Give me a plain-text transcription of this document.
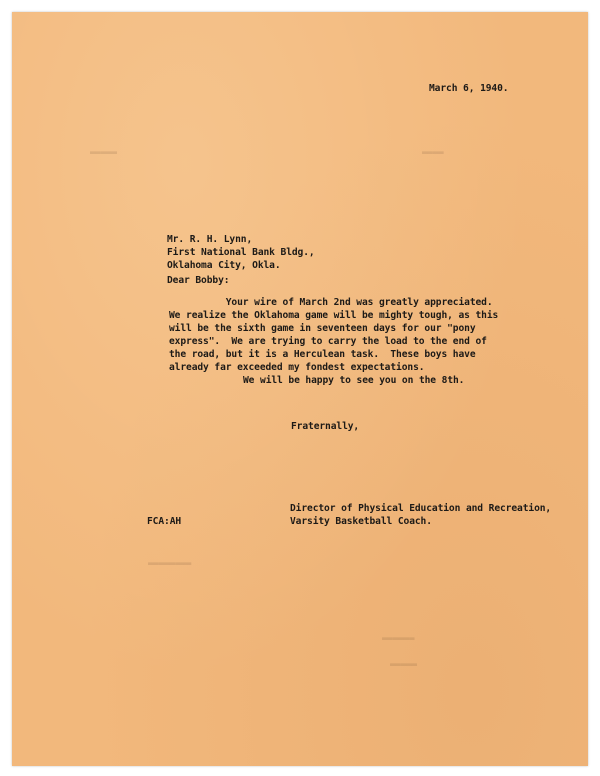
▬▬▬▬▬	▬▬▬▬
▬▬▬▬▬▬▬▬
▬▬▬▬▬▬
▬▬▬▬▬
March 6, 1940.
Mr. R. H. Lynn,
First National Bank Bldg.,
Oklahoma City, Okla.
Dear Bobby:
Your wire of March 2nd was greatly appreciated.
We realize the Oklahoma game will be mighty tough, as this
will be the sixth game in seventeen days for our "pony
express".  We are trying to carry the load to the end of
the road, but it is a Herculean task.  These boys have
already far exceeded my fondest expectations.
We will be happy to see you on the 8th.
Fraternally,
Director of Physical Education and Recreation,
Varsity Basketball Coach.
FCA:AH
